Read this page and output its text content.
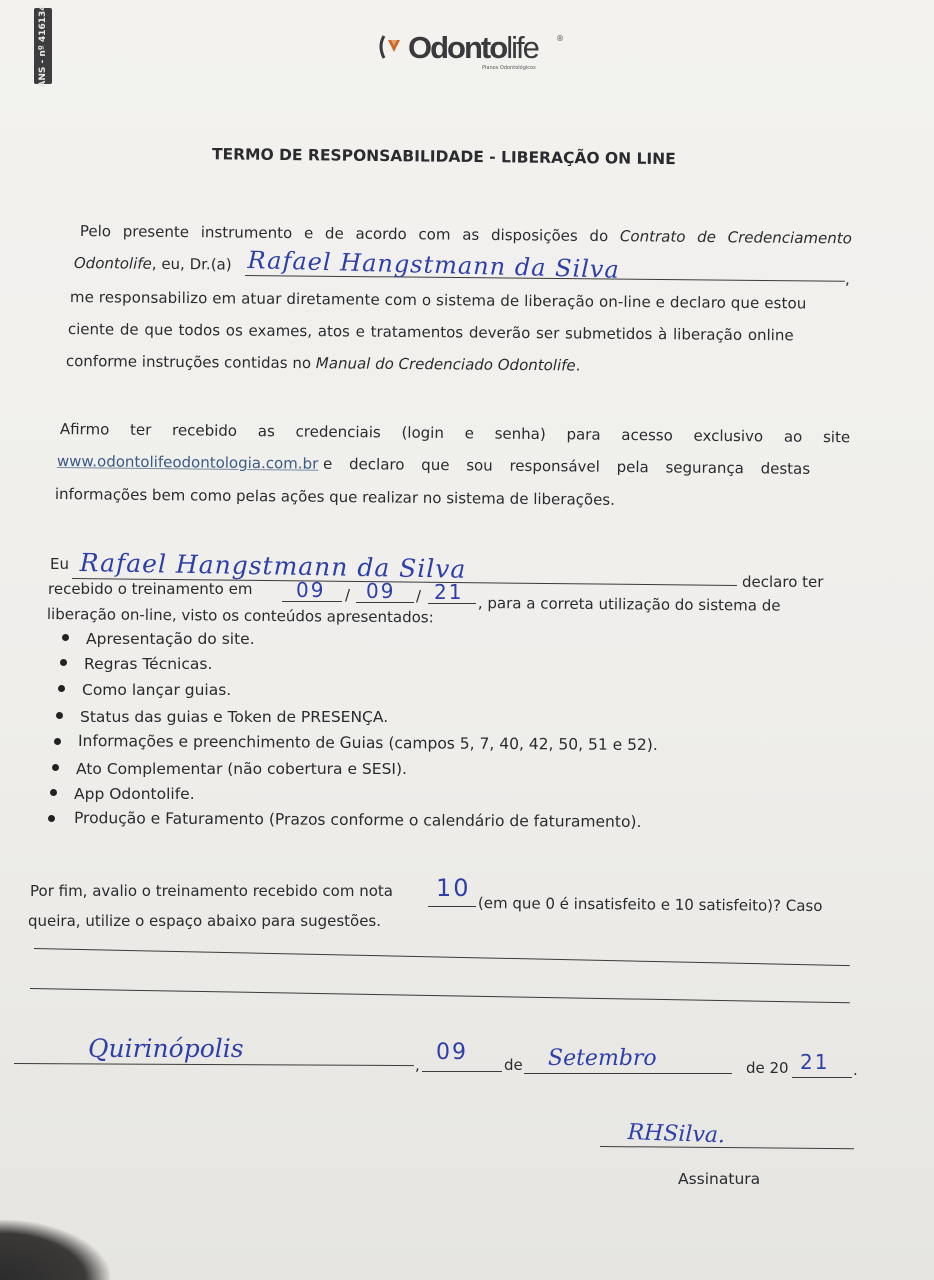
ANS - nº 416134	Odontolife ®
Planos Odontológicos
TERMO DE RESPONSABILIDADE - LIBERAÇÃO ON LINE
Pelo presente instrumento e de acordo com as disposições do Contrato de Credenciamento
Odontolife, eu, Dr.(a)
,
Rafael Hangstmann da Silva
me responsabilizo em atuar diretamente com o sistema de liberação on-line e declaro que estou
ciente de que todos os exames, atos e tratamentos deverão ser submetidos à liberação online
conforme instruções contidas no Manual do Credenciado Odontolife.
Afirmo ter recebido as credenciais (login e senha) para acesso exclusivo ao site
www.odontolifeodontologia.com.br e declaro que sou responsável pela segurança destas
informações bem como pelas ações que realizar no sistema de liberações.
Eu Rafael Hangstmann da Silva	declaro ter
recebido o treinamento em	/	/
09 09 21
, para a correta utilização do sistema de
liberação on-line, visto os conteúdos apresentados:
Apresentação do site.
Regras Técnicas.
Como lançar guias.
Status das guias e Token de PRESENÇA.
Informações e preenchimento de Guias (campos 5, 7, 40, 42, 50, 51 e 52).
Ato Complementar (não cobertura e SESI).
App Odontolife.
Produção e Faturamento (Prazos conforme o calendário de faturamento).
Por fim, avalio o treinamento recebido com nota 10
(em que 0 é insatisfeito e 10 satisfeito)? Caso
queira, utilize o espaço abaixo para sugestões.
Quirinópolis
, 09 de Setembro	de 20 21 .
RHSilva.
Assinatura
